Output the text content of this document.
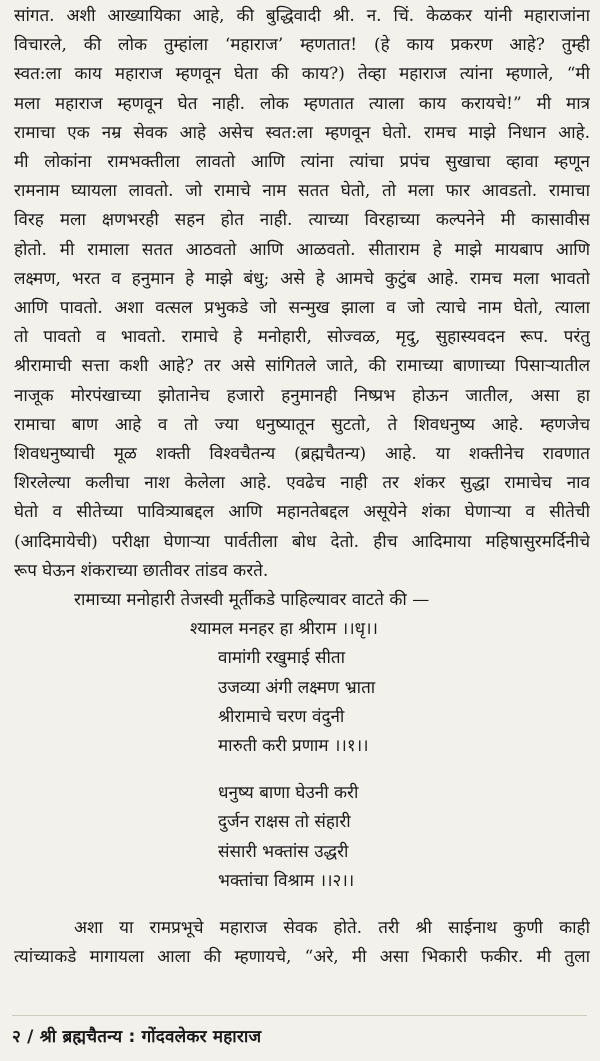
सांगत. अशी आख्यायिका आहे, की बुद्धिवादी श्री. न. चिं. केळकर यांनी महाराजांना
विचारले, की लोक तुम्हांला ‘महाराज’ म्हणतात! (हे काय प्रकरण आहे? तुम्ही
स्वत:ला काय महाराज म्हणवून घेता की काय?) तेव्हा महाराज त्यांना म्हणाले, “मी
मला महाराज म्हणवून घेत नाही. लोक म्हणतात त्याला काय करायचे!” मी मात्र
रामाचा एक नम्र सेवक आहे असेच स्वत:ला म्हणवून घेतो. रामच माझे निधान आहे.
मी लोकांना रामभक्तीला लावतो आणि त्यांना त्यांचा प्रपंच सुखाचा व्हावा म्हणून
रामनाम घ्यायला लावतो. जो रामाचे नाम सतत घेतो, तो मला फार आवडतो. रामाचा
विरह मला क्षणभरही सहन होत नाही. त्याच्या विरहाच्या कल्पनेने मी कासावीस
होतो. मी रामाला सतत आठवतो आणि आळवतो. सीताराम हे माझे मायबाप आणि
लक्ष्मण, भरत व हनुमान हे माझे बंधु; असे हे आमचे कुटुंब आहे. रामच मला भावतो
आणि पावतो. अशा वत्सल प्रभुकडे जो सन्मुख झाला व जो त्याचे नाम घेतो, त्याला
तो पावतो व भावतो. रामाचे हे मनोहारी, सोज्वळ, मृदु, सुहास्यवदन रूप. परंतु
श्रीरामाची सत्ता कशी आहे? तर असे सांगितले जाते, की रामाच्या बाणाच्या पिसाऱ्यातील
नाजूक मोरपंखाच्या झोतानेच हजारो हनुमानही निष्प्रभ होऊन जातील, असा हा
रामाचा बाण आहे व तो ज्या धनुष्यातून सुटतो, ते शिवधनुष्य आहे. म्हणजेच
शिवधनुष्याची मूळ शक्ती विश्वचैतन्य (ब्रह्मचैतन्य) आहे. या शक्तीनेच रावणात
शिरलेल्या कलीचा नाश केलेला आहे. एवढेच नाही तर शंकर सुद्धा रामाचेच नाव
घेतो व सीतेच्या पावित्र्याबद्दल आणि महानतेबद्दल असूयेने शंका घेणाऱ्या व सीतेची
(आदिमायेची) परीक्षा घेणाऱ्या पार्वतीला बोध देतो. हीच आदिमाया महिषासुरमर्दिनीचे
रूप घेऊन शंकराच्या छातीवर तांडव करते.
रामाच्या मनोहारी तेजस्वी मूर्तीकडे पाहिल्यावर वाटते की —
श्यामल मनहर हा श्रीराम ।।धृ।।
वामांगी रखुमाई सीता
उजव्या अंगी लक्ष्मण भ्राता
श्रीरामाचे चरण वंदुनी
मारुती करी प्रणाम ।।१।।
धनुष्य बाणा घेउनी करी
दुर्जन राक्षस तो संहारी
संसारी भक्तांस उद्धरी
भक्तांचा विश्राम ।।२।।
अशा या रामप्रभूचे महाराज सेवक होते. तरी श्री साईनाथ कुणी काही
त्यांच्याकडे मागायला आला की म्हणायचे, “अरे, मी असा भिकारी फकीर. मी तुला
२ / श्री ब्रह्मचैतन्य : गोंदवलेकर महाराज
